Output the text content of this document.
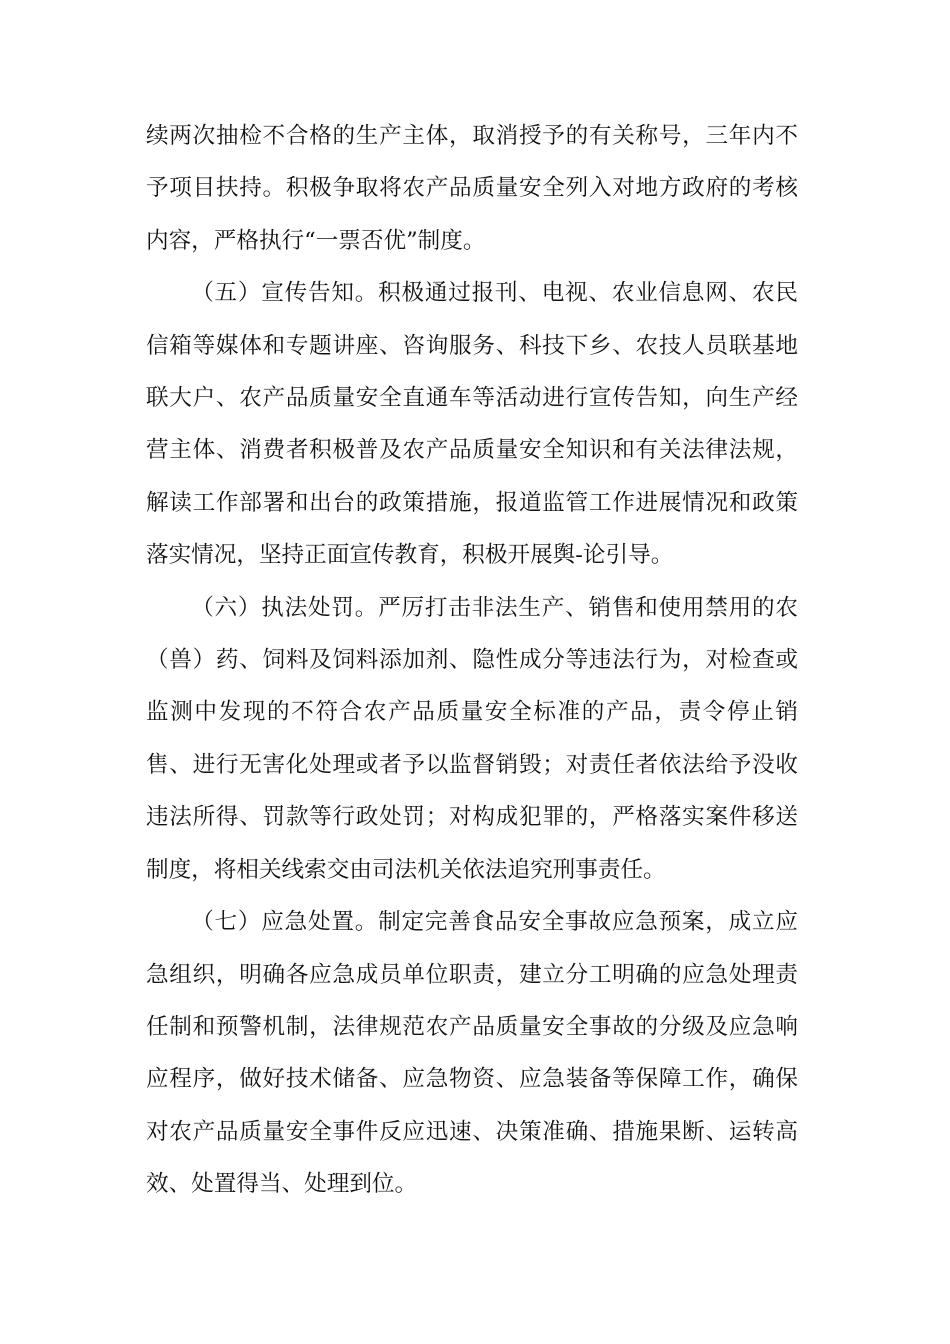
续两次抽检不合格的生产主体，取消授予的有关称号，三年内不予项目扶持。积极争取将农产品质量安全列入对地方政府的考核内容，严格执行“一票否优”制度。

（五）宣传告知。积极通过报刊、电视、农业信息网、农民信箱等媒体和专题讲座、咨询服务、科技下乡、农技人员联基地联大户、农产品质量安全直通车等活动进行宣传告知，向生产经营主体、消费者积极普及农产品质量安全知识和有关法律法规，解读工作部署和出台的政策措施，报道监管工作进展情况和政策落实情况，坚持正面宣传教育，积极开展舆-论引导。

（六）执法处罚。严厉打击非法生产、销售和使用禁用的农（兽）药、饲料及饲料添加剂、隐性成分等违法行为，对检查或监测中发现的不符合农产品质量安全标准的产品，责令停止销售、进行无害化处理或者予以监督销毁；对责任者依法给予没收违法所得、罚款等行政处罚；对构成犯罪的，严格落实案件移送制度，将相关线索交由司法机关依法追究刑事责任。

（七）应急处置。制定完善食品安全事故应急预案，成立应急组织，明确各应急成员单位职责，建立分工明确的应急处理责任制和预警机制，法律规范农产品质量安全事故的分级及应急响应程序，做好技术储备、应急物资、应急装备等保障工作，确保对农产品质量安全事件反应迅速、决策准确、措施果断、运转高效、处置得当、处理到位。
